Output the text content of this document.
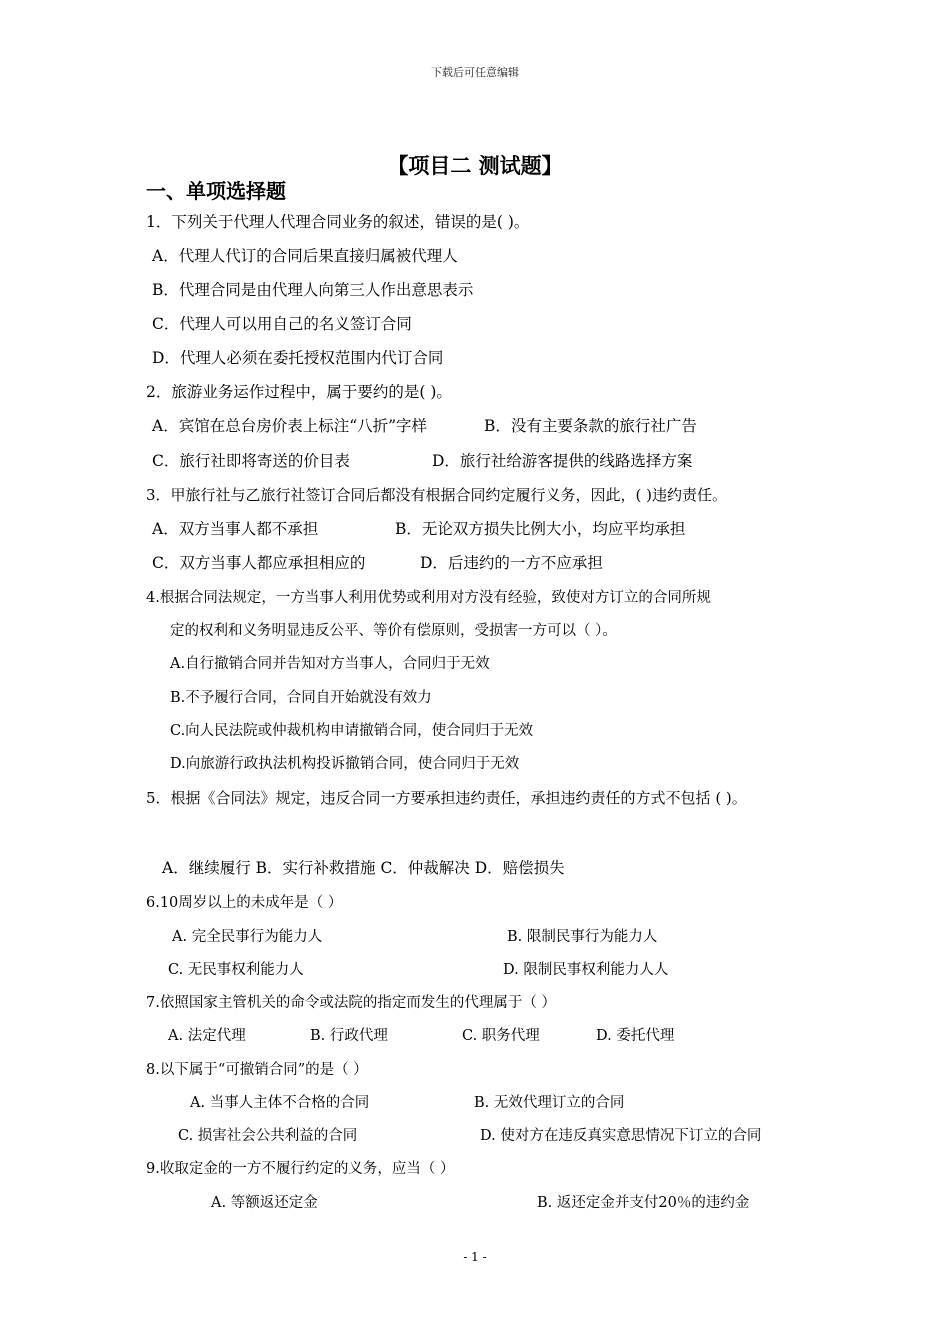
下载后可任意编辑
【项目二 测试题】
一、单项选择题
1．下列关于代理人代理合同业务的叙述，错误的是( )。
A．代理人代订的合同后果直接归属被代理人
B．代理合同是由代理人向第三人作出意思表示
C．代理人可以用自己的名义签订合同
D．代理人必须在委托授权范围内代订合同
2．旅游业务运作过程中，属于要约的是( )。
A．宾馆在总台房价表上标注“八折”字样	B．没有主要条款的旅行社广告
C．旅行社即将寄送的价目表	D．旅行社给游客提供的线路选择方案
3．甲旅行社与乙旅行社签订合同后都没有根据合同约定履行义务，因此，( )违约责任。
A．双方当事人都不承担	B．无论双方损失比例大小，均应平均承担
C．双方当事人都应承担相应的	D．后违约的一方不应承担
4.根据合同法规定，一方当事人利用优势或利用对方没有经验，致使对方订立的合同所规
定的权利和义务明显违反公平、等价有偿原则，受损害一方可以（ ）。
A.自行撤销合同并告知对方当事人，合同归于无效
B.不予履行合同，合同自开始就没有效力
C.向人民法院或仲裁机构申请撤销合同，使合同归于无效
D.向旅游行政执法机构投诉撤销合同，使合同归于无效
5．根据《合同法》规定，违反合同一方要承担违约责任，承担违约责任的方式不包括 ( )。
A．继续履行 B．实行补救措施 C．仲裁解决 D．赔偿损失
6.10周岁以上的未成年是（ ）
A. 完全民事行为能力人	B. 限制民事行为能力人
C. 无民事权利能力人	D. 限制民事权利能力人人
7.依照国家主管机关的命令或法院的指定而发生的代理属于（ ）
A. 法定代理	B. 行政代理	C. 职务代理	D. 委托代理
8.以下属于“可撤销合同”的是（ ）
A. 当事人主体不合格的合同	B. 无效代理订立的合同
C. 损害社会公共利益的合同	D. 使对方在违反真实意思情况下订立的合同
9.收取定金的一方不履行约定的义务，应当（ ）
A. 等额返还定金	B. 返还定金并支付20％的违约金
- 1 -
